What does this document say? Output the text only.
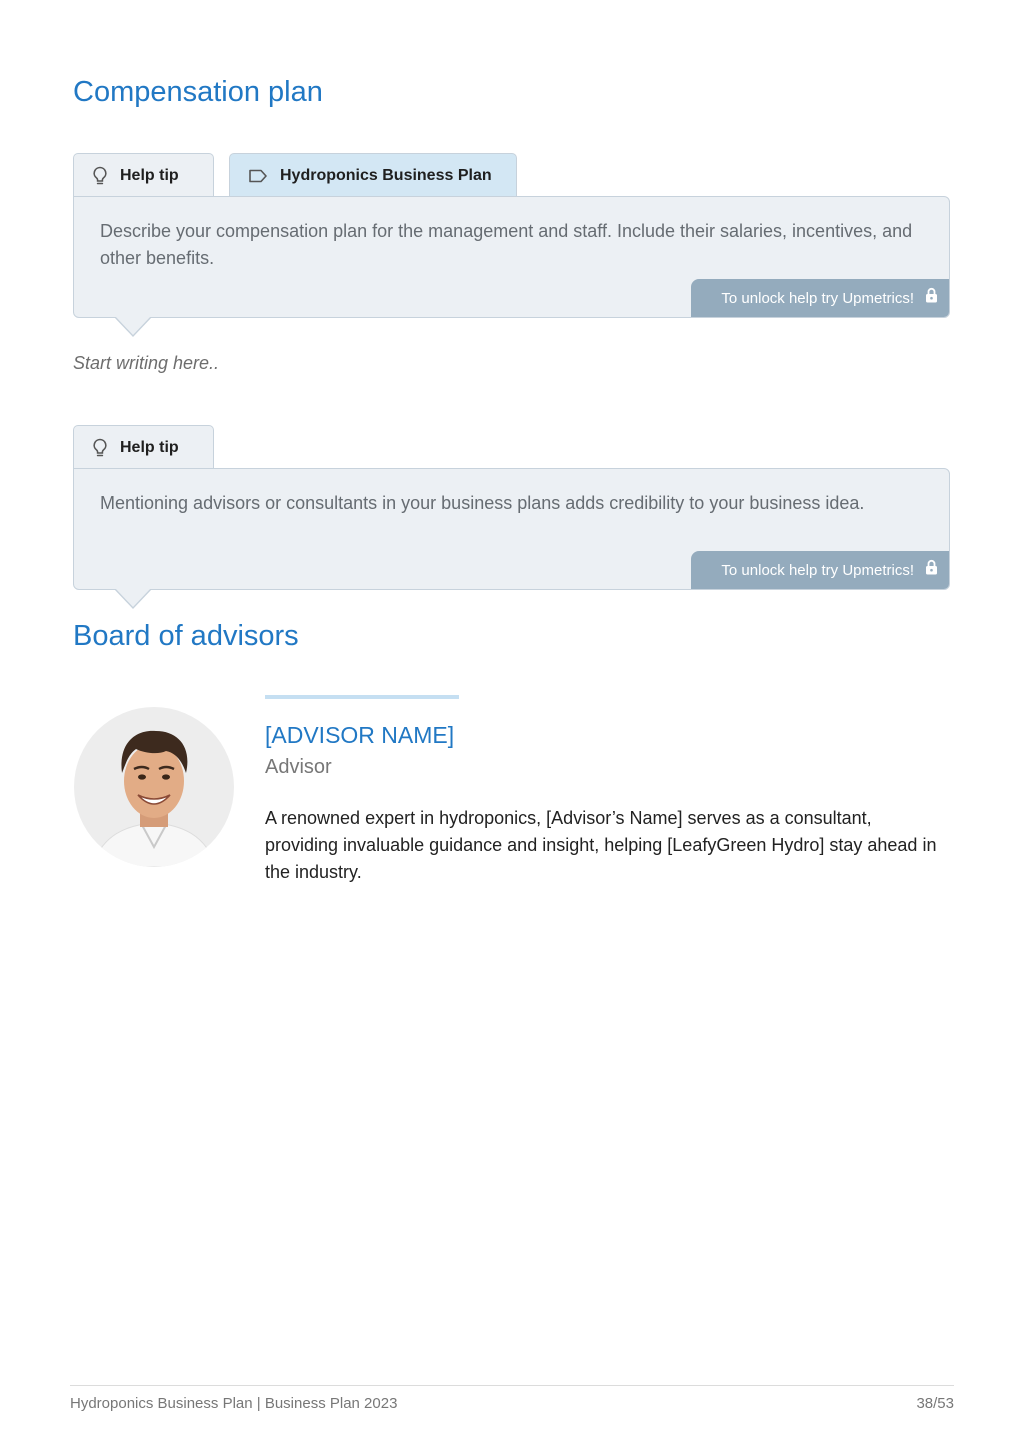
Compensation plan
Help tip	Hydroponics Business Plan
Describe your compensation plan for the management and staff. Include their salaries, incentives, and other benefits.
To unlock help try Upmetrics!
Start writing here..
Help tip
Mentioning advisors or consultants in your business plans adds credibility to your business idea.
To unlock help try Upmetrics!
Board of advisors
[ADVISOR NAME]
Advisor

A renowned expert in hydroponics, [Advisor’s Name] serves as a consultant, providing invaluable guidance and insight, helping [LeafyGreen Hydro] stay ahead in the industry.

Hydroponics Business Plan | Business Plan 2023	38/53
